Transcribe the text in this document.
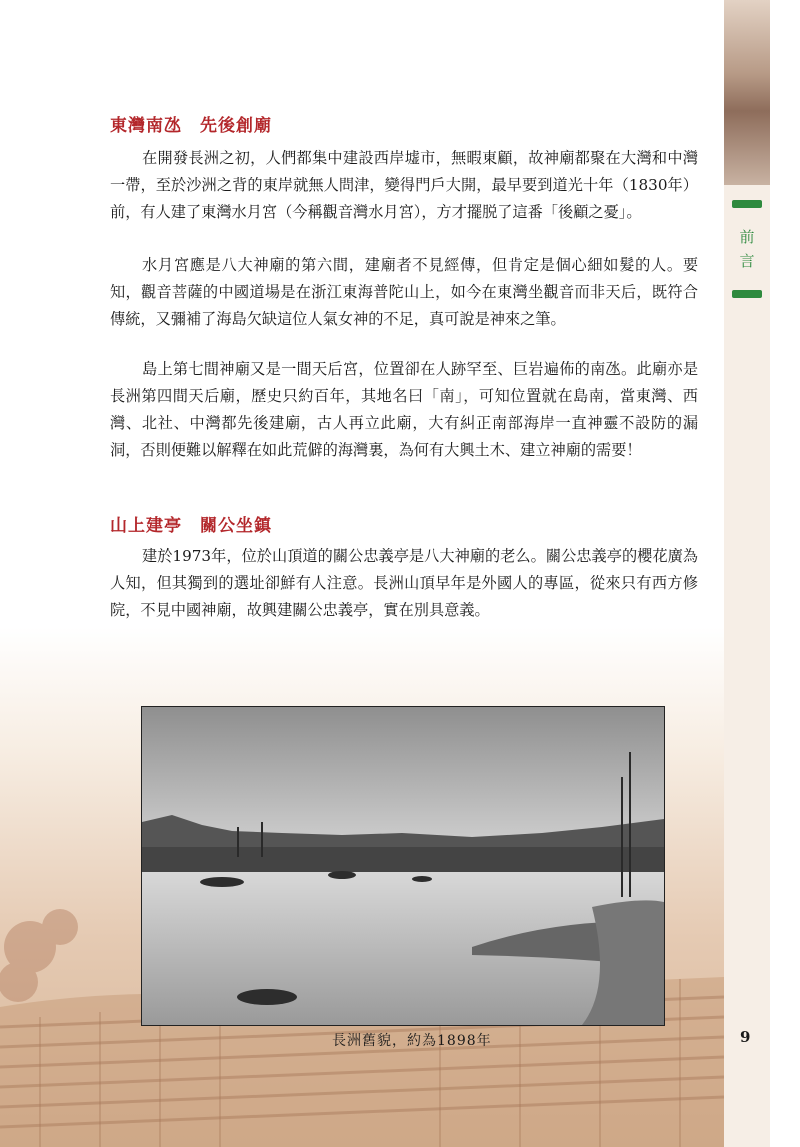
前
言
東灣南氹　先後創廟

在開發長洲之初，人們都集中建設西岸墟市，無暇東顧，故神廟都聚在大灣和中灣一帶，至於沙洲之背的東岸就無人問津，變得門戶大開，最早要到道光十年（1830年）前，有人建了東灣水月宮（今稱觀音灣水月宮），方才擺脱了這番「後顧之憂」。

水月宮應是八大神廟的第六間，建廟者不見經傳，但肯定是個心細如髮的人。要知，觀音菩薩的中國道場是在浙江東海普陀山上，如今在東灣坐觀音而非天后，既符合傳統，又彌補了海島欠缺這位人氣女神的不足，真可說是神來之筆。

島上第七間神廟又是一間天后宮，位置卻在人跡罕至、巨岩遍佈的南氹。此廟亦是長洲第四間天后廟，歷史只約百年，其地名曰「南」，可知位置就在島南，當東灣、西灣、北社、中灣都先後建廟，古人再立此廟，大有糾正南部海岸一直神靈不設防的漏洞，否則便難以解釋在如此荒僻的海灣裏，為何有大興土木、建立神廟的需要！

山上建亭　關公坐鎮

建於1973年，位於山頂道的關公忠義亭是八大神廟的老么。關公忠義亭的櫻花廣為人知，但其獨到的選址卻鮮有人注意。長洲山頂早年是外國人的專區，從來只有西方修院，不見中國神廟，故興建關公忠義亭，實在別具意義。

長洲舊貌，約為1898年	9
